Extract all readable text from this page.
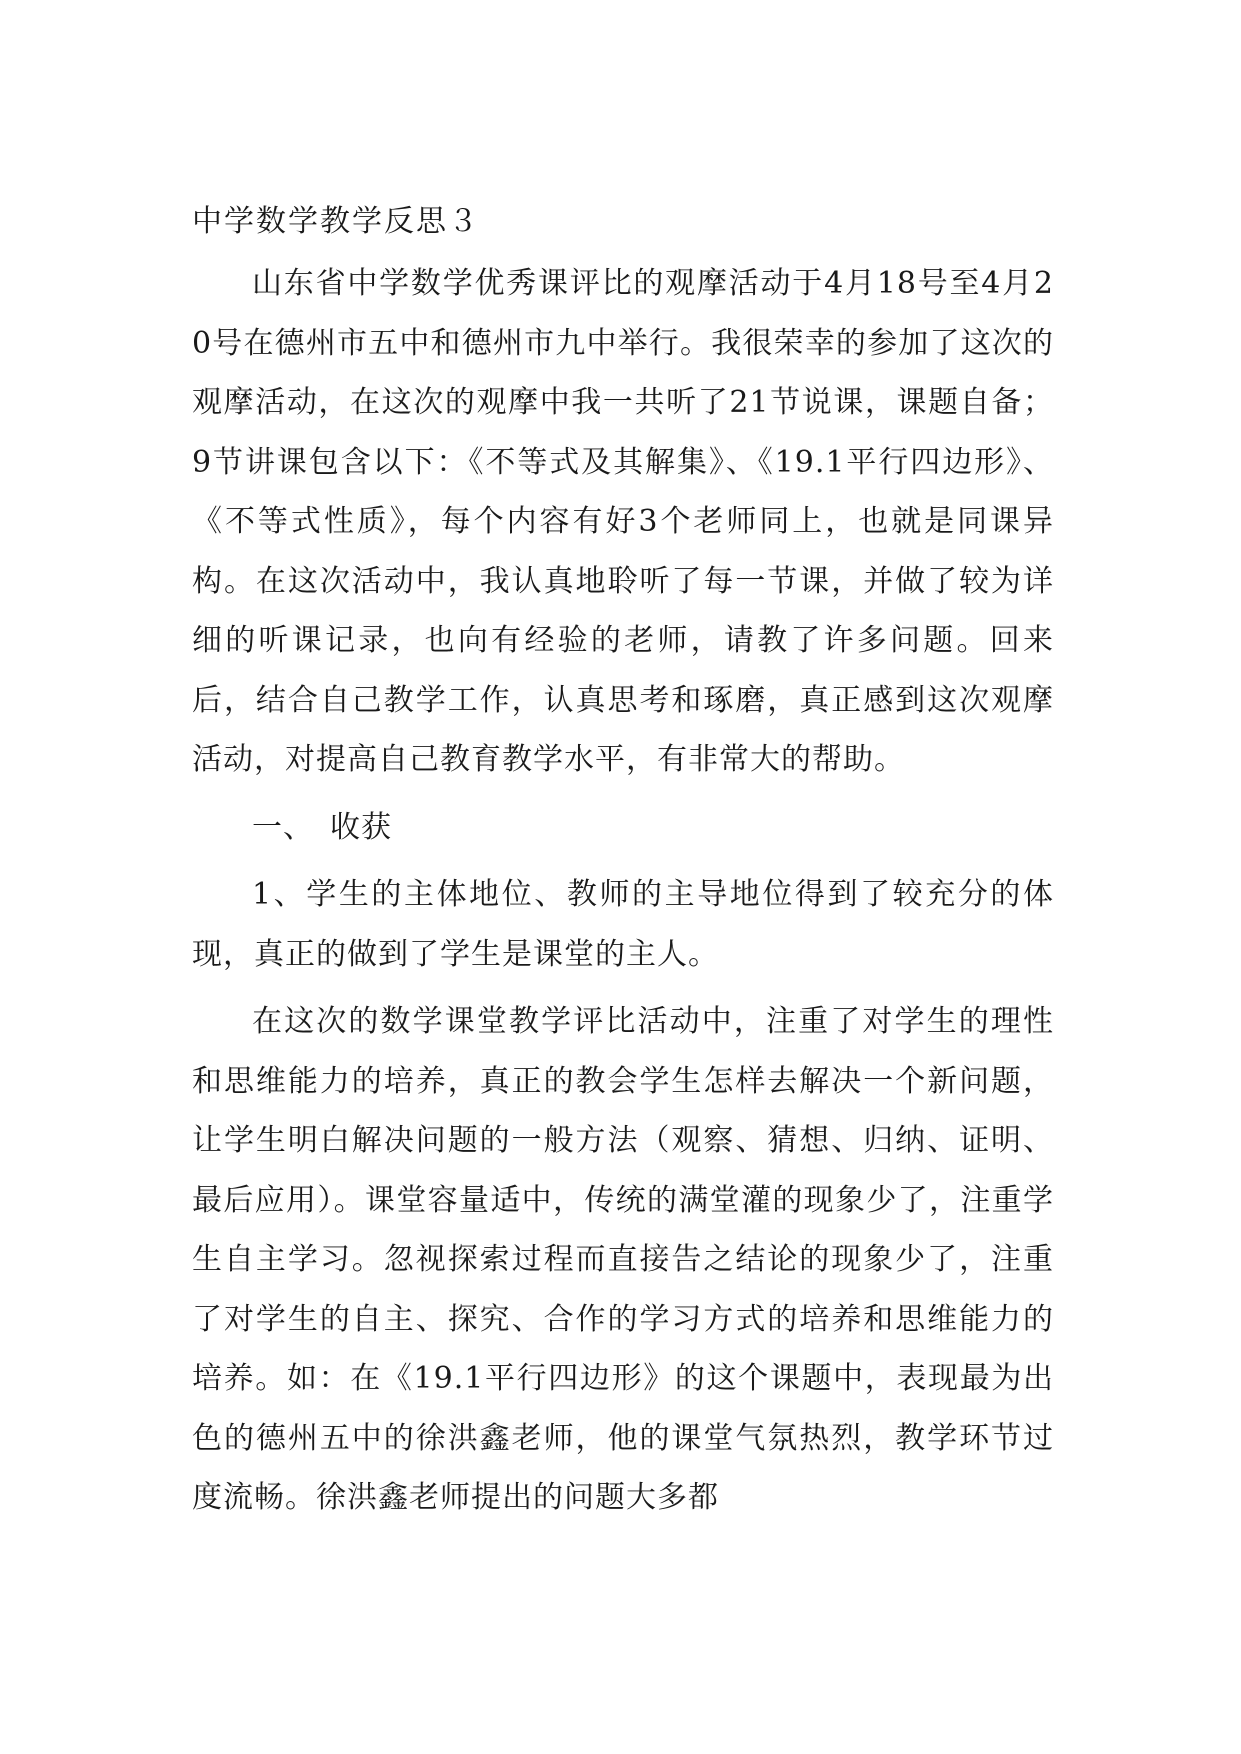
中学数学教学反思３

山东省中学数学优秀课评比的观摩活动于4月18号至4月20号在德州市五中和德州市九中举行。我很荣幸的参加了这次的观摩活动，在这次的观摩中我一共听了21节说课，课题自备；9节讲课包含以下：《不等式及其解集》、《19.1平行四边形》、《不等式性质》，每个内容有好3个老师同上，也就是同课异构。在这次活动中，我认真地聆听了每一节课，并做了较为详细的听课记录，也向有经验的老师，请教了许多问题。回来后，结合自己教学工作，认真思考和琢磨，真正感到这次观摩活动，对提高自己教育教学水平，有非常大的帮助。

一、　收获

1、学生的主体地位、教师的主导地位得到了较充分的体现，真正的做到了学生是课堂的主人。

在这次的数学课堂教学评比活动中，注重了对学生的理性和思维能力的培养，真正的教会学生怎样去解决一个新问题，让学生明白解决问题的一般方法（观察、猜想、归纳、证明、最后应用）。课堂容量适中，传统的满堂灌的现象少了，注重学生自主学习。忽视探索过程而直接告之结论的现象少了，注重了对学生的自主、探究、合作的学习方式的培养和思维能力的培养。如：在《19.1平行四边形》的这个课题中，表现最为出色的德州五中的徐洪鑫老师，他的课堂气氛热烈，教学环节过度流畅。徐洪鑫老师提出的问题大多都
